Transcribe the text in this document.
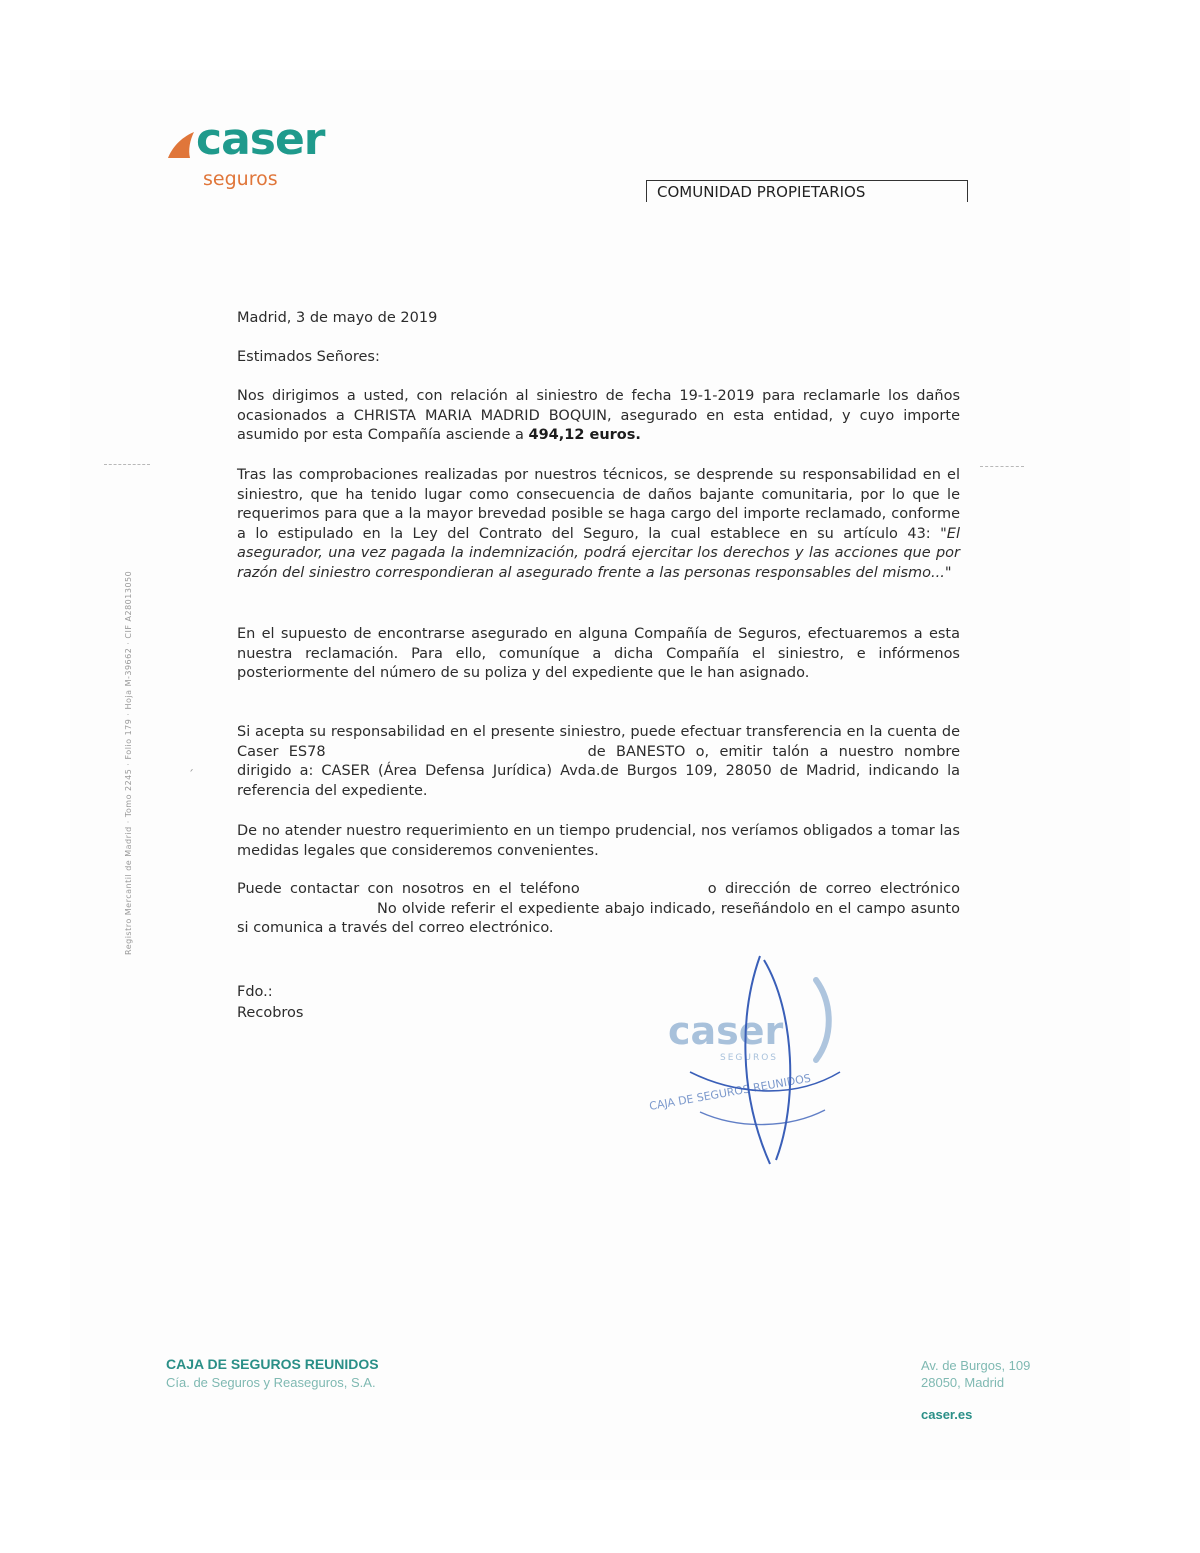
caser
seguros
COMUNIDAD PROPIETARIOS
Registro Mercantil de Madrid · Tomo 2245 · Folio 179 · Hoja M-39662 · CIF A28013050	´

Madrid, 3 de mayo de 2019

Estimados Señores:

Nos dirigimos a usted, con relación al siniestro de fecha 19-1-2019 para reclamarle los daños ocasionados a CHRISTA MARIA MADRID BOQUIN, asegurado en esta entidad, y cuyo importe asumido por esta Compañía asciende a 494,12 euros.

Tras las comprobaciones realizadas por nuestros técnicos, se desprende su responsabilidad en el siniestro, que ha tenido lugar como consecuencia de daños bajante comunitaria, por lo que le requerimos para que a la mayor brevedad posible se haga cargo del importe reclamado, conforme a lo estipulado en la Ley del Contrato del Seguro, la cual establece en su artículo 43: "El asegurador, una vez pagada la indemnización, podrá ejercitar los derechos y las acciones que por razón del siniestro correspondieran al asegurado frente a las personas responsables del mismo..."

En el supuesto de encontrarse asegurado en alguna Compañía de Seguros, efectuaremos a esta nuestra reclamación. Para ello, comuníque a dicha Compañía el siniestro, e infórmenos posteriormente del número de su poliza y del expediente que le han asignado.

Si acepta su responsabilidad en el presente siniestro, puede efectuar transferencia en la cuenta de Caser ES78	de BANESTO o, emitir talón a nuestro nombre dirigido a: CASER (Área Defensa Jurídica) Avda.de Burgos 109, 28050 de Madrid, indicando la referencia del expediente.

De no atender nuestro requerimiento en un tiempo prudencial, nos veríamos obligados a tomar las medidas legales que consideremos convenientes.

Puede contactar con nosotros en el teléfono	o dirección de correo electrónicoNo olvide referir el expediente abajo indicado, reseñándolo en el campo asunto si comunica a través del correo electrónico.

Fdo.:

Recobros	caser
SEGUROS
CAJA DE SEGUROS REUNIDOS
CAJA DE SEGUROS REUNIDOS
Cía. de Seguros y Reaseguros, S.A.
Av. de Burgos, 109
28050, Madrid
caser.es
